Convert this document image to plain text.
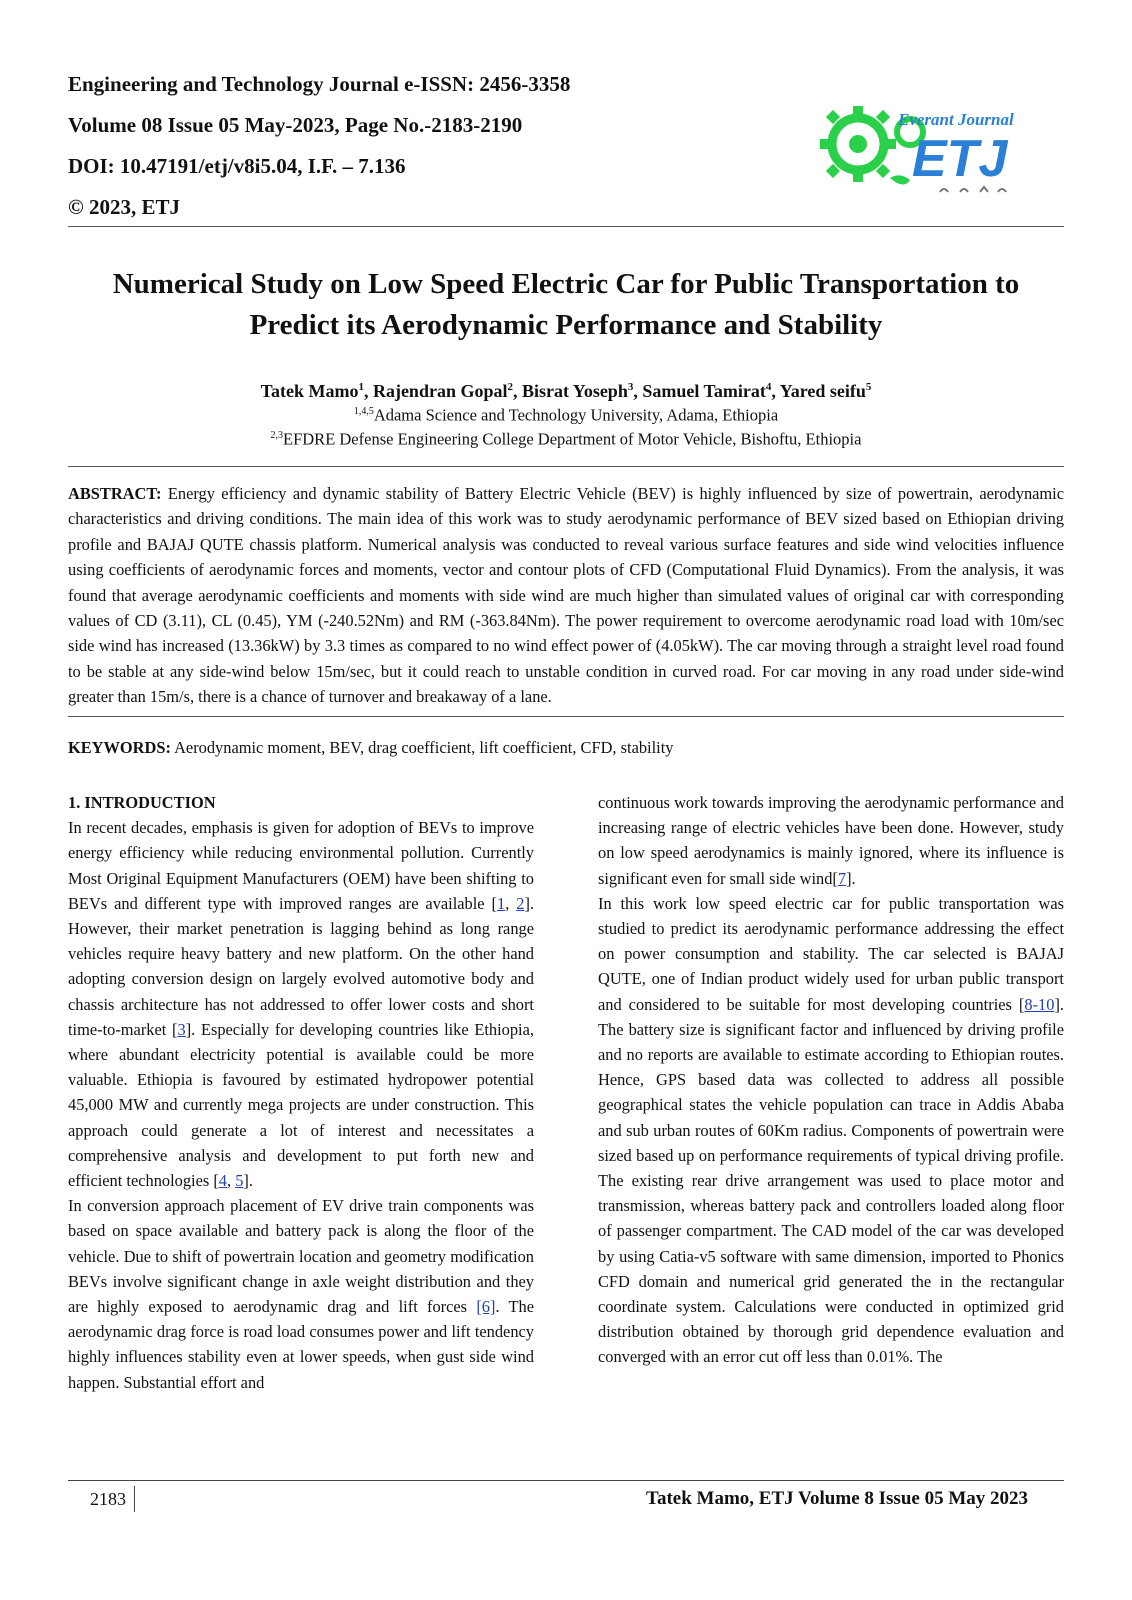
Engineering and Technology Journal e-ISSN: 2456-3358
Volume 08 Issue 05 May-2023, Page No.-2183-2190
DOI: 10.47191/etj/v8i5.04, I.F. – 7.136
© 2023, ETJ
Everant Journal
ETJ
Numerical Study on Low Speed Electric Car for Public Transportation to Predict its Aerodynamic Performance and Stability
Tatek Mamo$^1$, Rajendran Gopal$^2$, Bisrat Yoseph$^3$, Samuel Tamirat$^4$, Yared seifu$^5$
$^{1,4,5}$Adama Science and Technology University, Adama, Ethiopia
$^{2,3}$EFDRE Defense Engineering College Department of Motor Vehicle, Bishoftu, Ethiopia
ABSTRACT: Energy efficiency and dynamic stability of Battery Electric Vehicle (BEV) is highly influenced by size of powertrain, aerodynamic characteristics and driving conditions. The main idea of this work was to study aerodynamic performance of BEV sized based on Ethiopian driving profile and BAJAJ QUTE chassis platform. Numerical analysis was conducted to reveal various surface features and side wind velocities influence using coefficients of aerodynamic forces and moments, vector and contour plots of CFD (Computational Fluid Dynamics). From the analysis, it was found that average aerodynamic coefficients and moments with side wind are much higher than simulated values of original car with corresponding values of CD (3.11), CL (0.45), YM (-240.52Nm) and RM (-363.84Nm). The power requirement to overcome aerodynamic road load with 10m/sec side wind has increased (13.36kW) by 3.3 times as compared to no wind effect power of (4.05kW). The car moving through a straight level road found to be stable at any side-wind below 15m/sec, but it could reach to unstable condition in curved road. For car moving in any road under side-wind greater than 15m/s, there is a chance of turnover and breakaway of a lane.
KEYWORDS: Aerodynamic moment, BEV, drag coefficient, lift coefficient, CFD, stability
1. INTRODUCTION

In recent decades, emphasis is given for adoption of BEVs to improve energy efficiency while reducing environmental pollution. Currently Most Original Equipment Manufacturers (OEM) have been shifting to BEVs and different type with improved ranges are available [1, 2]. However, their market penetration is lagging behind as long range vehicles require heavy battery and new platform. On the other hand adopting conversion design on largely evolved automotive body and chassis architecture has not addressed to offer lower costs and short time-to-market [3]. Especially for developing countries like Ethiopia, where abundant electricity potential is available could be more valuable. Ethiopia is favoured by estimated hydropower potential 45,000 MW and currently mega projects are under construction. This approach could generate a lot of interest and necessitates a comprehensive analysis and development to put forth new and efficient technologies [4, 5].

In conversion approach placement of EV drive train components was based on space available and battery pack is along the floor of the vehicle. Due to shift of powertrain location and geometry modification BEVs involve significant change in axle weight distribution and they are highly exposed to aerodynamic drag and lift forces [6]. The aerodynamic drag force is road load consumes power and lift tendency highly influences stability even at lower speeds, when gust side wind happen. Substantial effort and

continuous work towards improving the aerodynamic performance and increasing range of electric vehicles have been done. However, study on low speed aerodynamics is mainly ignored, where its influence is significant even for small side wind[7].

In this work low speed electric car for public transportation was studied to predict its aerodynamic performance addressing the effect on power consumption and stability. The car selected is BAJAJ QUTE, one of Indian product widely used for urban public transport and considered to be suitable for most developing countries [8-10]. The battery size is significant factor and influenced by driving profile and no reports are available to estimate according to Ethiopian routes. Hence, GPS based data was collected to address all possible geographical states the vehicle population can trace in Addis Ababa and sub urban routes of 60Km radius. Components of powertrain were sized based up on performance requirements of typical driving profile. The existing rear drive arrangement was used to place motor and transmission, whereas battery pack and controllers loaded along floor of passenger compartment. The CAD model of the car was developed by using Catia-v5 software with same dimension, imported to Phonics CFD domain and numerical grid generated the in the rectangular coordinate system. Calculations were conducted in optimized grid distribution obtained by thorough grid dependence evaluation and converged with an error cut off less than 0.01%. The

2183	Tatek Mamo, ETJ Volume 8 Issue 05 May 2023
